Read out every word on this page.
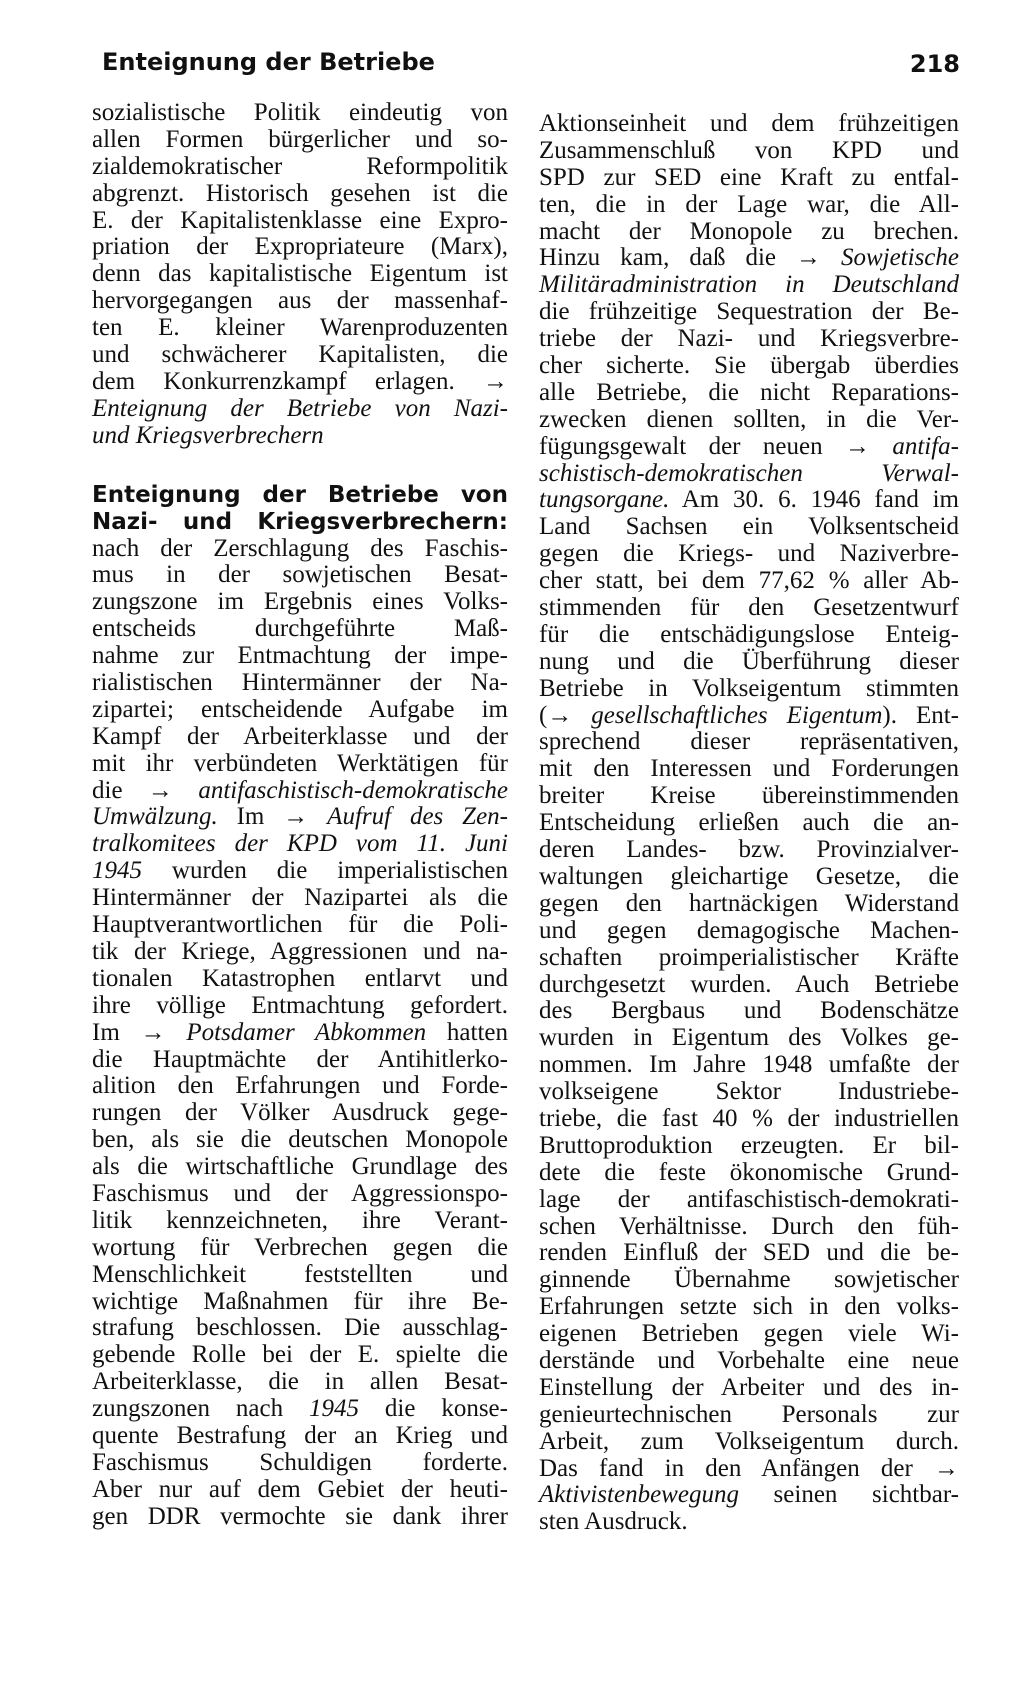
Enteignung der Betriebe	218
sozialistische Politik eindeutig von
allen Formen bürgerlicher und so-
zialdemokratischer Reformpolitik
abgrenzt. Historisch gesehen ist die
E. der Kapitalistenklasse eine Expro-
priation der Expropriateure (Marx),
denn das kapitalistische Eigentum ist
hervorgegangen aus der massenhaf-
ten E. kleiner Warenproduzenten
und schwächerer Kapitalisten, die
dem Konkurrenzkampf erlagen. →
Enteignung der Betriebe von Nazi-
und Kriegsverbrechern
Enteignung der Betriebe von
Nazi- und Kriegsverbrechern:
nach der Zerschlagung des Faschis-
mus in der sowjetischen Besat-
zungszone im Ergebnis eines Volks-
entscheids durchgeführte Maß-
nahme zur Entmachtung der impe-
rialistischen Hintermänner der Na-
zipartei; entscheidende Aufgabe im
Kampf der Arbeiterklasse und der
mit ihr verbündeten Werktätigen für
die → antifaschistisch-demokratische
Umwälzung. Im → Aufruf des Zen-
tralkomitees der KPD vom 11. Juni
1945 wurden die imperialistischen
Hintermänner der Nazipartei als die
Hauptverantwortlichen für die Poli-
tik der Kriege, Aggressionen und na-
tionalen Katastrophen entlarvt und
ihre völlige Entmachtung gefordert.
Im → Potsdamer Abkommen hatten
die Hauptmächte der Antihitlerko-
alition den Erfahrungen und Forde-
rungen der Völker Ausdruck gege-
ben, als sie die deutschen Monopole
als die wirtschaftliche Grundlage des
Faschismus und der Aggressionspo-
litik kennzeichneten, ihre Verant-
wortung für Verbrechen gegen die
Menschlichkeit feststellten und
wichtige Maßnahmen für ihre Be-
strafung beschlossen. Die ausschlag-
gebende Rolle bei der E. spielte die
Arbeiterklasse, die in allen Besat-
zungszonen nach 1945 die konse-
quente Bestrafung der an Krieg und
Faschismus Schuldigen forderte.
Aber nur auf dem Gebiet der heuti-
gen DDR vermochte sie dank ihrer
Aktionseinheit und dem frühzeitigen
Zusammenschluß von KPD und
SPD zur SED eine Kraft zu entfal-
ten, die in der Lage war, die All-
macht der Monopole zu brechen.
Hinzu kam, daß die → Sowjetische
Militäradministration in Deutschland
die frühzeitige Sequestration der Be-
triebe der Nazi- und Kriegsverbre-
cher sicherte. Sie übergab überdies
alle Betriebe, die nicht Reparations-
zwecken dienen sollten, in die Ver-
fügungsgewalt der neuen → antifa-
schistisch-demokratischen Verwal-
tungsorgane. Am 30. 6. 1946 fand im
Land Sachsen ein Volksentscheid
gegen die Kriegs- und Naziverbre-
cher statt, bei dem 77,62 % aller Ab-
stimmenden für den Gesetzentwurf
für die entschädigungslose Enteig-
nung und die Überführung dieser
Betriebe in Volkseigentum stimmten
(→ gesellschaftliches Eigentum). Ent-
sprechend dieser repräsentativen,
mit den Interessen und Forderungen
breiter Kreise übereinstimmenden
Entscheidung erließen auch die an-
deren Landes- bzw. Provinzialver-
waltungen gleichartige Gesetze, die
gegen den hartnäckigen Widerstand
und gegen demagogische Machen-
schaften proimperialistischer Kräfte
durchgesetzt wurden. Auch Betriebe
des Bergbaus und Bodenschätze
wurden in Eigentum des Volkes ge-
nommen. Im Jahre 1948 umfaßte der
volkseigene Sektor Industriebe-
triebe, die fast 40 % der industriellen
Bruttoproduktion erzeugten. Er bil-
dete die feste ökonomische Grund-
lage der antifaschistisch-demokrati-
schen Verhältnisse. Durch den füh-
renden Einfluß der SED und die be-
ginnende Übernahme sowjetischer
Erfahrungen setzte sich in den volks-
eigenen Betrieben gegen viele Wi-
derstände und Vorbehalte eine neue
Einstellung der Arbeiter und des in-
genieurtechnischen Personals zur
Arbeit, zum Volkseigentum durch.
Das fand in den Anfängen der →
Aktivistenbewegung seinen sichtbar-
sten Ausdruck.
